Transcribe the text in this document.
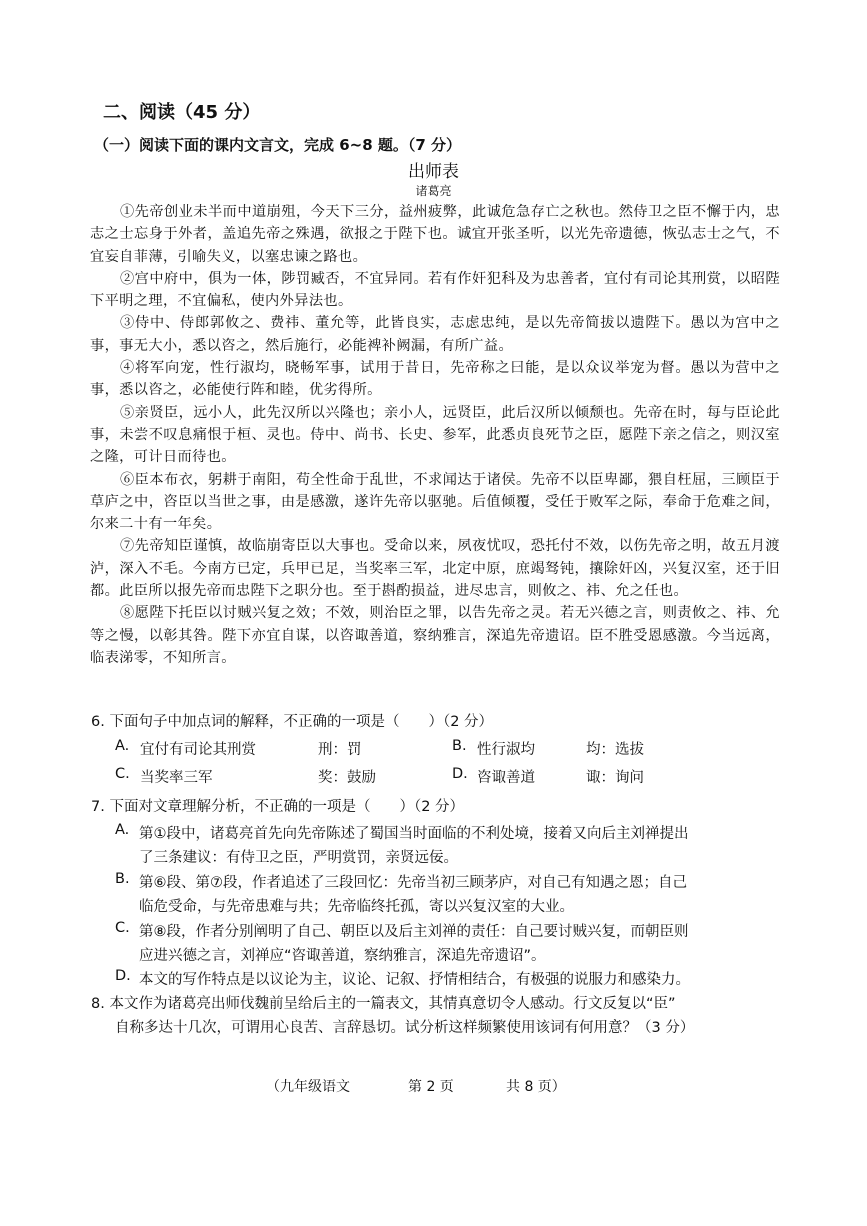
二、阅读（45 分）
（一）阅读下面的课内文言文，完成 6~8 题。（7 分）
出师表
诸葛亮

①先帝创业未半而中道崩殂，今天下三分，益州疲弊，此诚危急存亡之秋也。然侍卫之臣不懈于内，忠志之士忘身于外者，盖追先帝之殊遇，欲报之于陛下也。诚宜开张圣听，以光先帝遗德，恢弘志士之气，不宜妄自菲薄，引喻失义，以塞忠谏之路也。

②宫中府中，俱为一体，陟罚臧否，不宜异同。若有作奸犯科及为忠善者，宜付有司论其刑赏，以昭陛下平明之理，不宜偏私，使内外异法也。

③侍中、侍郎郭攸之、费祎、董允等，此皆良实，志虑忠纯，是以先帝简拔以遗陛下。愚以为宫中之事，事无大小，悉以咨之，然后施行，必能裨补阙漏，有所广益。

④将军向宠，性行淑均，晓畅军事，试用于昔日，先帝称之曰能，是以众议举宠为督。愚以为营中之事，悉以咨之，必能使行阵和睦，优劣得所。

⑤亲贤臣，远小人，此先汉所以兴隆也；亲小人，远贤臣，此后汉所以倾颓也。先帝在时，每与臣论此事，未尝不叹息痛恨于桓、灵也。侍中、尚书、长史、参军，此悉贞良死节之臣，愿陛下亲之信之，则汉室之隆，可计日而待也。

⑥臣本布衣，躬耕于南阳，苟全性命于乱世，不求闻达于诸侯。先帝不以臣卑鄙，猥自枉屈，三顾臣于草庐之中，咨臣以当世之事，由是感激，遂许先帝以驱驰。后值倾覆，受任于败军之际，奉命于危难之间，尔来二十有一年矣。

⑦先帝知臣谨慎，故临崩寄臣以大事也。受命以来，夙夜忧叹，恐托付不效，以伤先帝之明，故五月渡泸，深入不毛。今南方已定，兵甲已足，当奖率三军，北定中原，庶竭驽钝，攘除奸凶，兴复汉室，还于旧都。此臣所以报先帝而忠陛下之职分也。至于斟酌损益，进尽忠言，则攸之、祎、允之任也。

⑧愿陛下托臣以讨贼兴复之效；不效，则治臣之罪，以告先帝之灵。若无兴德之言，则责攸之、祎、允等之慢，以彰其咎。陛下亦宜自谋，以咨诹善道，察纳雅言，深追先帝遗诏。臣不胜受恩感激。今当远离，临表涕零，不知所言。

6. 下面句子中加点词的解释，不正确的一项是（　　）（2 分）
A. 宜付有司论其刑赏	刑：罚	B. 性行淑均	均：选拔
C. 当奖率三军	奖：鼓励	D. 咨诹善道	诹：询问
7. 下面对文章理解分析，不正确的一项是（　　）（2 分）
A. 第①段中，诸葛亮首先向先帝陈述了蜀国当时面临的不利处境，接着又向后主刘禅提出
了三条建议：有侍卫之臣，严明赏罚，亲贤远佞。
B. 第⑥段、第⑦段，作者追述了三段回忆：先帝当初三顾茅庐，对自己有知遇之恩；自己
临危受命，与先帝患难与共；先帝临终托孤，寄以兴复汉室的大业。
C. 第⑧段，作者分别阐明了自己、朝臣以及后主刘禅的责任：自己要讨贼兴复，而朝臣则
应进兴德之言，刘禅应“咨诹善道，察纳雅言，深追先帝遗诏”。
D. 本文的写作特点是以议论为主，议论、记叙、抒情相结合，有极强的说服力和感染力。
8. 本文作为诸葛亮出师伐魏前呈给后主的一篇表文，其情真意切令人感动。行文反复以“臣”
自称多达十几次，可谓用心良苦、言辞恳切。试分析这样频繁使用该词有何用意？（3 分）
（九年级语文	第 2 页	共 8 页）
